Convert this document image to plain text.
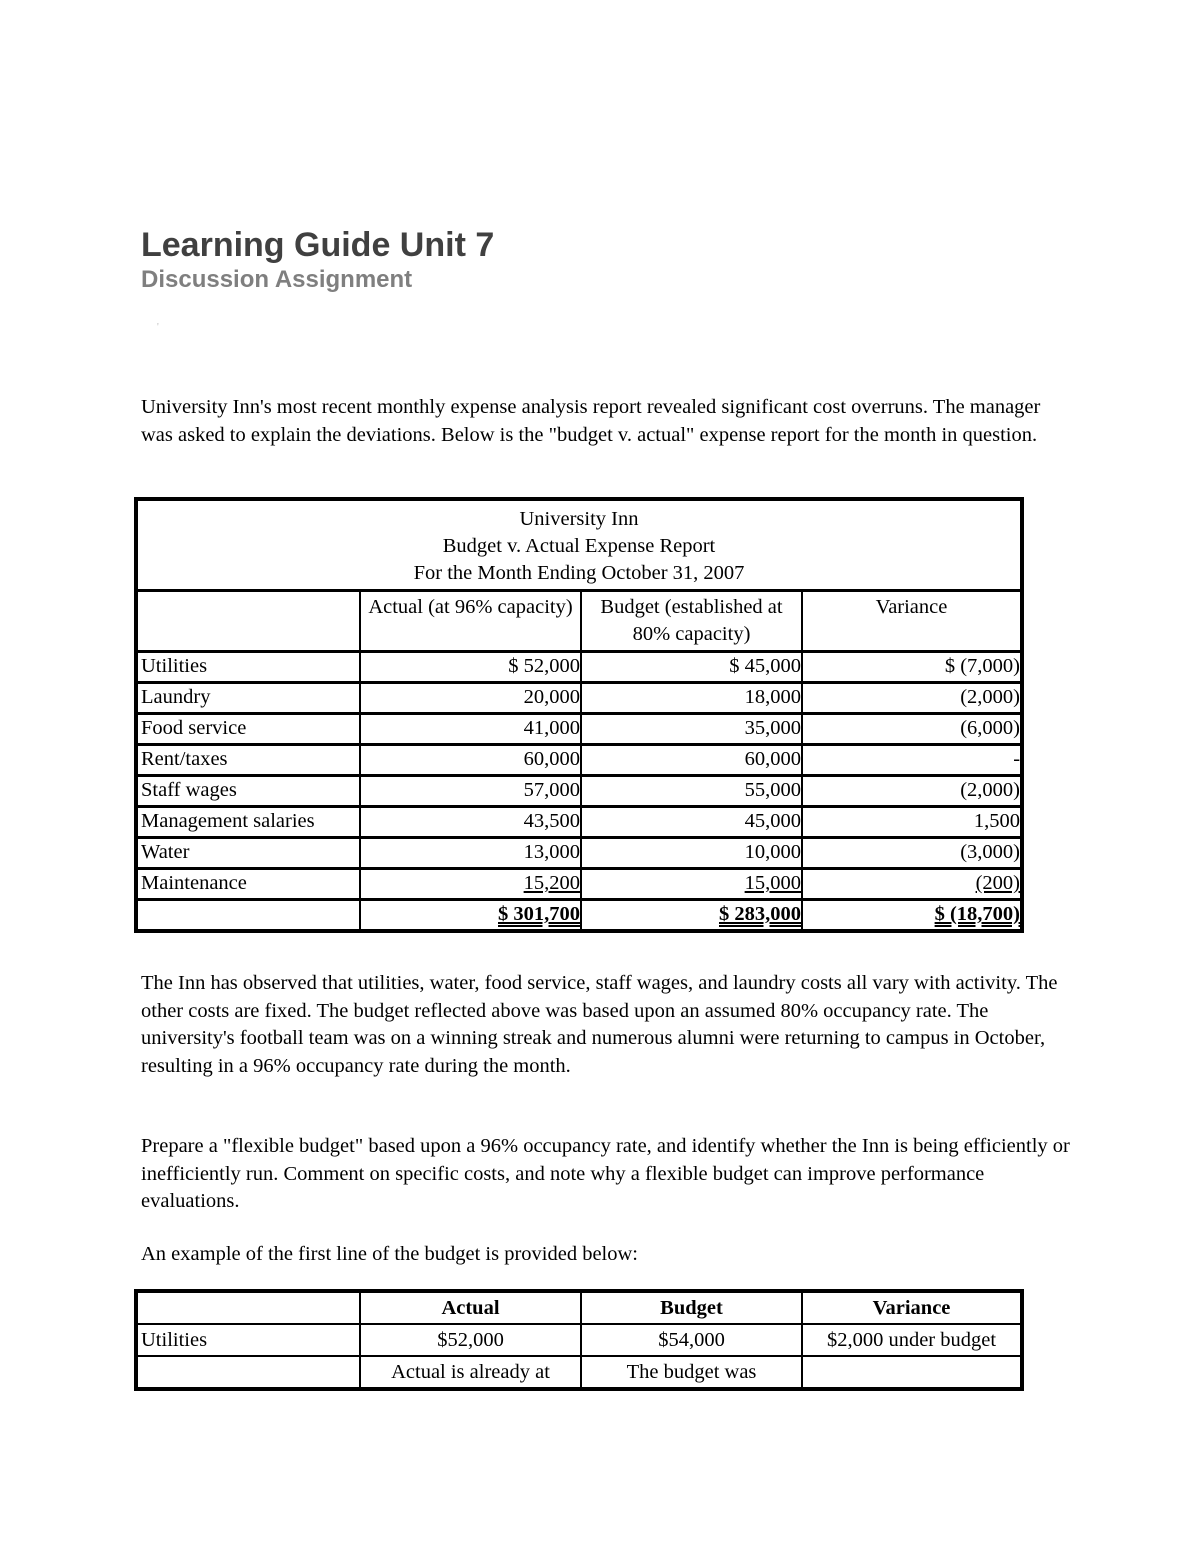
Learning Guide Unit 7
Discussion Assignment
'

University Inn's most recent monthly expense analysis report revealed significant cost overruns. The manager was asked to explain the deviations. Below is the "budget v. actual" expense report for the month in question.

University Inn
Budget v. Actual Expense Report
For the Month Ending October 31, 2007			

	Actual (at 96% capacity)	Budget (established at 80% capacity)	Variance
Utilities	$ 52,000	$ 45,000	$ (7,000)
Laundry	20,000	18,000	(2,000)
Food service	41,000	35,000	(6,000)
Rent/taxes	60,000	60,000	-
Staff wages	57,000	55,000	(2,000)
Management salaries	43,500	45,000	1,500
Water	13,000	10,000	(3,000)
Maintenance	15,200	15,000	(200)
	$ 301,700	$ 283,000	$ (18,700)

The Inn has observed that utilities, water, food service, staff wages, and laundry costs all vary with activity. The other costs are fixed. The budget reflected above was based upon an assumed 80% occupancy rate. The university's football team was on a winning streak and numerous alumni were returning to campus in October, resulting in a 96% occupancy rate during the month.

Prepare a "flexible budget" based upon a 96% occupancy rate, and identify whether the Inn is being efficiently or inefficiently run. Comment on specific costs, and note why a flexible budget can improve performance evaluations.

An example of the first line of the budget is provided below:

	Actual	Budget	Variance
Utilities	$52,000	$54,000	$2,000 under budget
	Actual is already at	The budget was	
